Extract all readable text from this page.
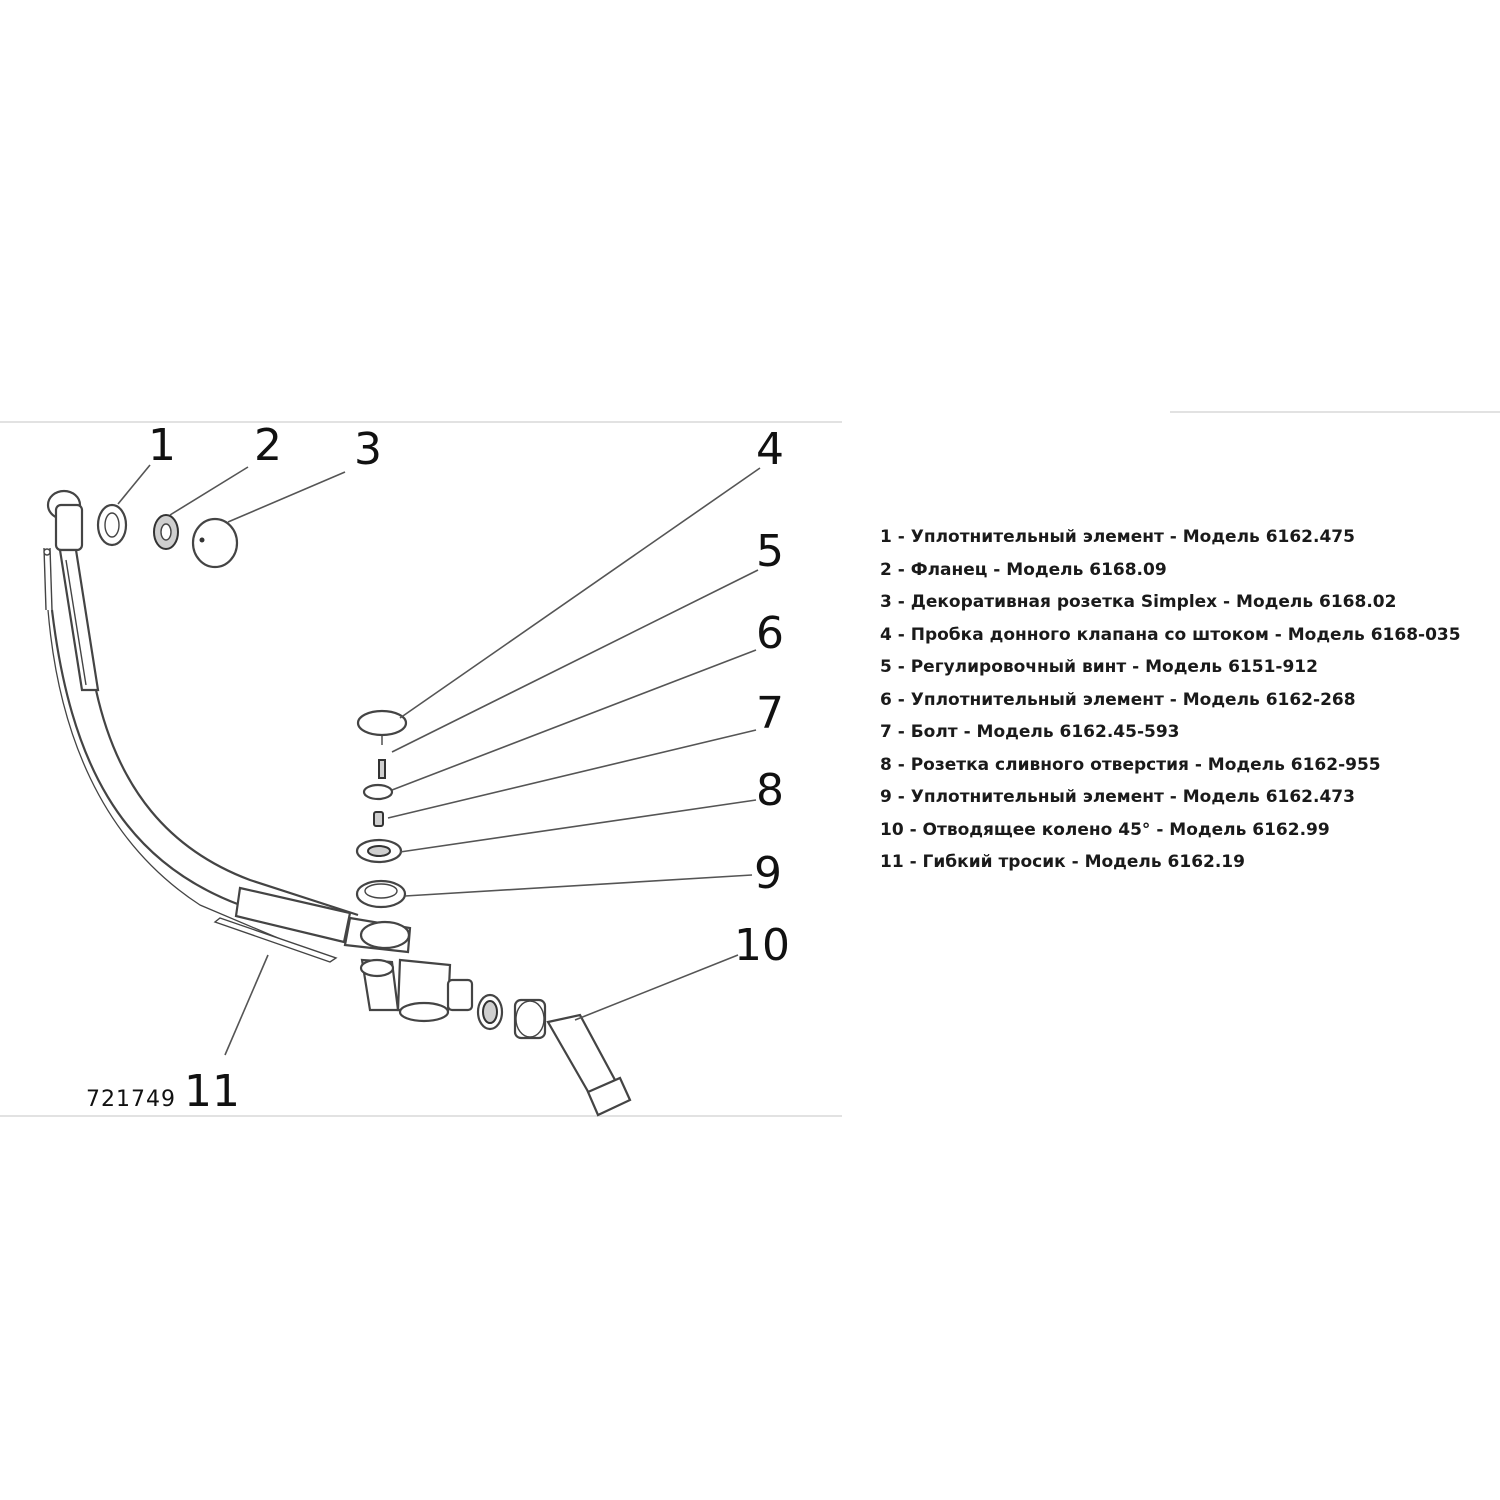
1 2 3	4
5
6
7
8
9
10
11
721749
1 - Уплотнительный элемент - Модель 6162.475
2 - Фланец - Модель 6168.09
3 - Декоративная розетка Simplex - Модель 6168.02
4 - Пробка донного клапана со штоком - Модель 6168-035
5 - Регулировочный винт - Модель 6151-912
6 - Уплотнительный элемент - Модель 6162-268
7 - Болт - Модель 6162.45-593
8 - Розетка сливного отверстия - Модель 6162-955
9 - Уплотнительный элемент - Модель 6162.473
10 - Отводящее колено 45° - Модель 6162.99
11 - Гибкий тросик - Модель 6162.19
